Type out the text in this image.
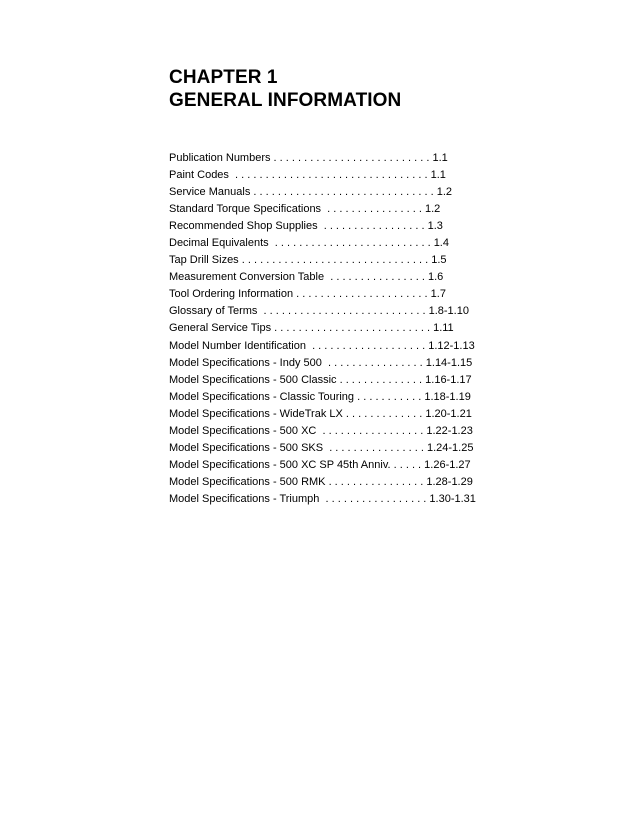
CHAPTER 1
GENERAL INFORMATION
Publication Numbers . . . . . . . . . . . . . . . . . . . . . . . . . . 1.1
Paint Codes  . . . . . . . . . . . . . . . . . . . . . . . . . . . . . . . . 1.1
Service Manuals . . . . . . . . . . . . . . . . . . . . . . . . . . . . . . 1.2
Standard Torque Specifications  . . . . . . . . . . . . . . . . 1.2
Recommended Shop Supplies  . . . . . . . . . . . . . . . . . 1.3
Decimal Equivalents  . . . . . . . . . . . . . . . . . . . . . . . . . . 1.4
Tap Drill Sizes . . . . . . . . . . . . . . . . . . . . . . . . . . . . . . . 1.5
Measurement Conversion Table  . . . . . . . . . . . . . . . . 1.6
Tool Ordering Information . . . . . . . . . . . . . . . . . . . . . . 1.7
Glossary of Terms  . . . . . . . . . . . . . . . . . . . . . . . . . . . 1.8-1.10
General Service Tips . . . . . . . . . . . . . . . . . . . . . . . . . . 1.11
Model Number Identification  . . . . . . . . . . . . . . . . . . . 1.12-1.13
Model Specifications - Indy 500  . . . . . . . . . . . . . . . . 1.14-1.15
Model Specifications - 500 Classic . . . . . . . . . . . . . . 1.16-1.17
Model Specifications - Classic Touring . . . . . . . . . . . 1.18-1.19
Model Specifications - WideTrak LX . . . . . . . . . . . . . 1.20-1.21
Model Specifications - 500 XC  . . . . . . . . . . . . . . . . . 1.22-1.23
Model Specifications - 500 SKS  . . . . . . . . . . . . . . . . 1.24-1.25
Model Specifications - 500 XC SP 45th Anniv. . . . . . 1.26-1.27
Model Specifications - 500 RMK . . . . . . . . . . . . . . . . 1.28-1.29
Model Specifications - Triumph  . . . . . . . . . . . . . . . . . 1.30-1.31
